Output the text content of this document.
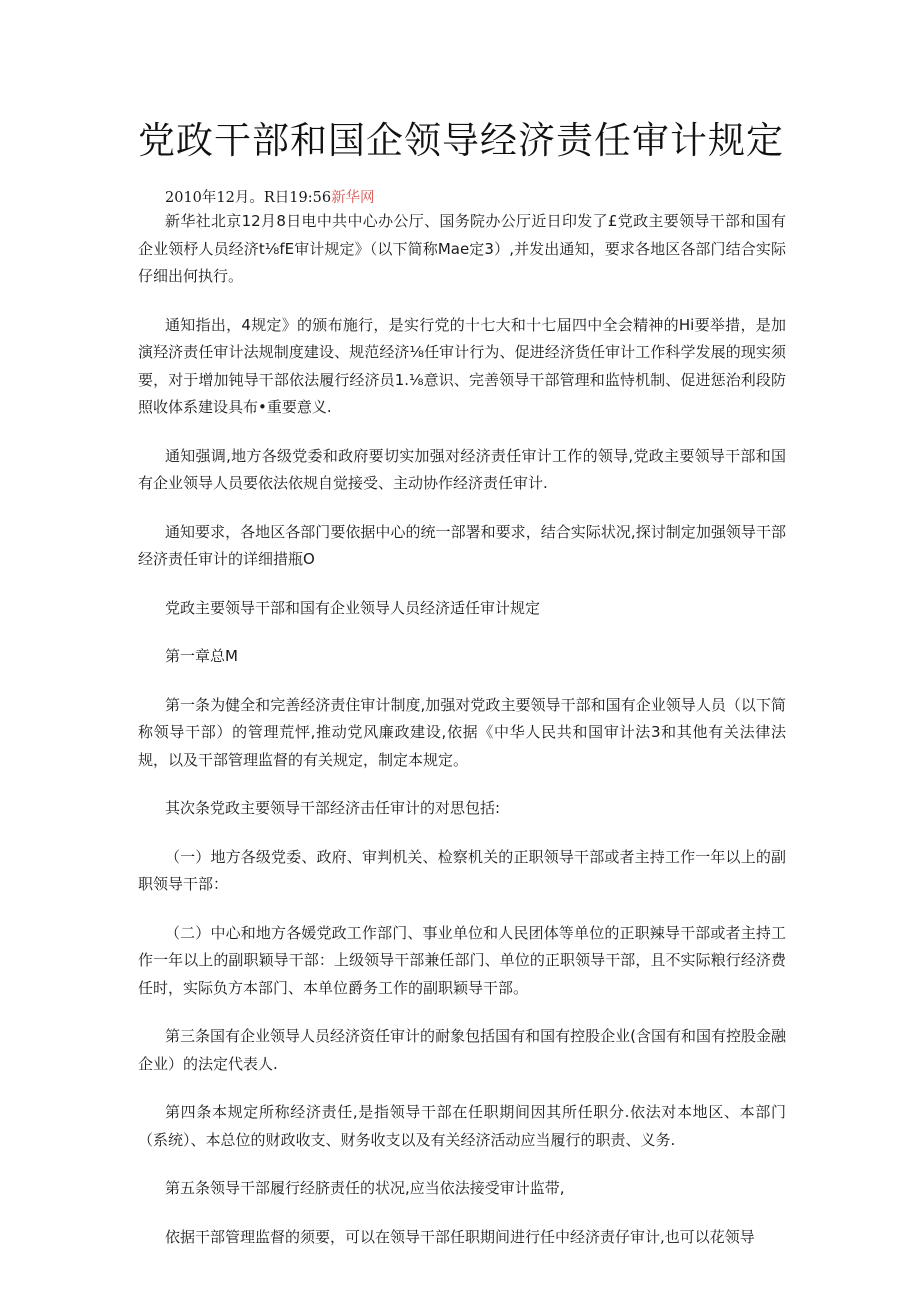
党政干部和国企领导经济责任审计规定
2010年12月。R日19:56新华网

新华社北京12月8日电中共中心办公厅、国务院办公厅近日印发了£党政主要领导干部和国有企业领杼人员经济t⅛fE审计规定》（以下简称Mae定3）,并发出通知，要求各地区各部门结合实际仔细出何执行。

通知指出，4规定》的颁布施行，是实行党的十七大和十七届四中全会精神的Hi要举措，是加演羟济责任审计法规制度建设、规范经济⅛任审计行为、促进经济货任审计工作科学发展的现实须要，对于增加钝导干部依法履行经济员1.⅛意识、完善领导干部管理和监恃机制、促进惩治利段防照收体系建设具布•重要意义.

通知强调,地方各级党委和政府要切实加强对经济责任审计工作的领导,党政主要领导干部和国有企业领导人员要依法依规自觉接受、主动协作经济责任审计.

通知要求，各地区各部门要依据中心的统一部署和要求，结合实际状况,探讨制定加强领导干部经济责任审计的详细措瓶O

党政主要领导干部和国有企业领导人员经济适任审计规定

第一章总M

第一条为健全和完善经济责住审计制度,加强对党政主要领导干部和国有企业领导人员（以下简称领导干部）的管理荒怦,推动党风廉政建设,依据《中华人民共和国审计法3和其他有关法律法规，以及干部管理监督的有关规定，制定本规定。

其次条党政主要领导干部经济击任审计的对思包括:

（一）地方各级党委、政府、审判机关、检察机关的正职领导干部或者主持工作一年以上的副职领导干部：

（二）中心和地方各媛党政工作部门、事业单位和人民团体等单位的正职辣导干部或者主持工作一年以上的副职颖导干部：上级领导干部兼任部门、单位的正职领导干部，且不实际粮行经济费任时，实际负方本部门、本单位爵务工作的副职颖导干部。

第三条国有企业领导人员经济资任审计的耐象包括国有和国有控股企业(含国有和国有控股金融企业）的法定代表人.

第四条本规定所称经济责任,是指领导干部在任职期间因其所任职分.依法对本地区、本部门（系统）、本总位的财政收支、财务收支以及有关经济活动应当履行的职责、义务.

第五条领导干部履行经脐责任的状况,应当依法接受审计监带,

依据干部管理监督的须要，可以在领导干部任职期间进行任中经济责仔审计,也可以花领导
